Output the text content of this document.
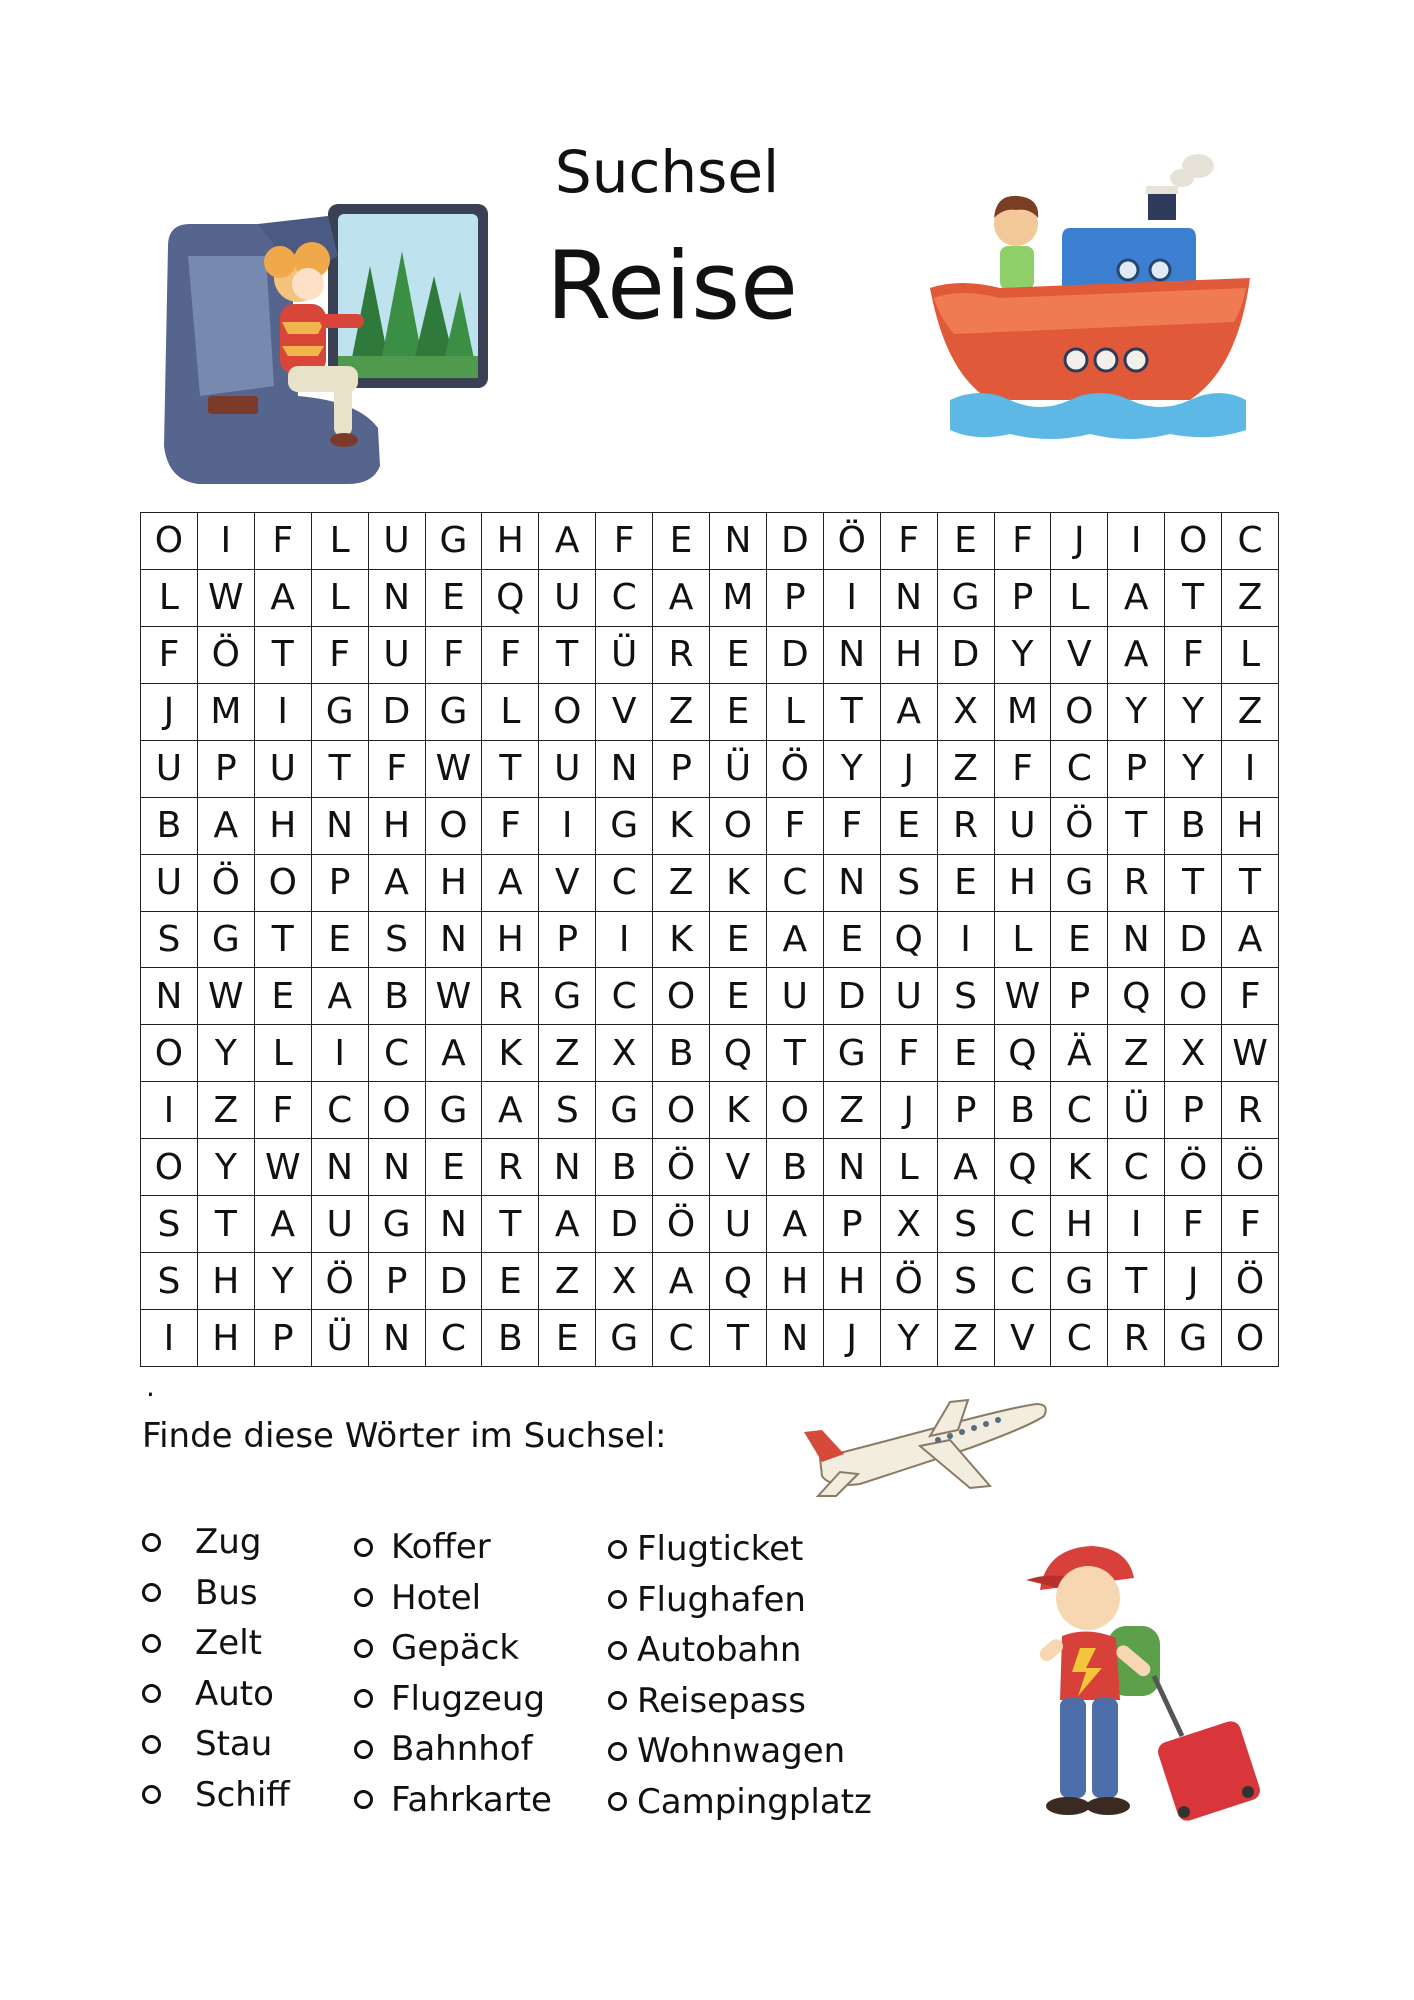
Suchsel
Reise
O	I	F	L U G H A F E N D Ö F E F	J	I	O C
L W A L N E Q U C A M P	I	N G P	L A T Z
F Ö T F U F	F T Ü R E D N H D Y V A F	L
J	M	I	G D G L O V Z E L T A X M O Y Y Z
U P U T F W T U N P Ü Ö Y	J	Z F C P Y	I
B A H N H O F	I	G K O F	F E R U Ö T B H
U Ö O P A H A V C Z K C N S E H G R T T
S G T E S N H P	I	K E A E Q	I	L E N D A
N W E A B W R G C O E U D U S W P Q O F
O Y L	I	C A K Z X B Q T G F E Q Ä Z X W
I	Z F C O G A S G O K O Z	J	P B C Ü P R
O Y W N N E R N B Ö V B N L A Q K C Ö Ö
S T A U G N T A D Ö U A P X S C H	I	F	F
S H Y Ö P D E Z X A Q H H Ö S C G T	J	Ö
I	H P Ü N C B E G C T N	J	Y Z V C R G O
.
Finde diese Wörter im Suchsel:
Zug
Bus
Zelt
Auto
Stau
Schiff
Koffer
Hotel
Gepäck
Flugzeug
Bahnhof
Fahrkarte
Flugticket
Flughafen
Autobahn
Reisepass
Wohnwagen
Campingplatz
